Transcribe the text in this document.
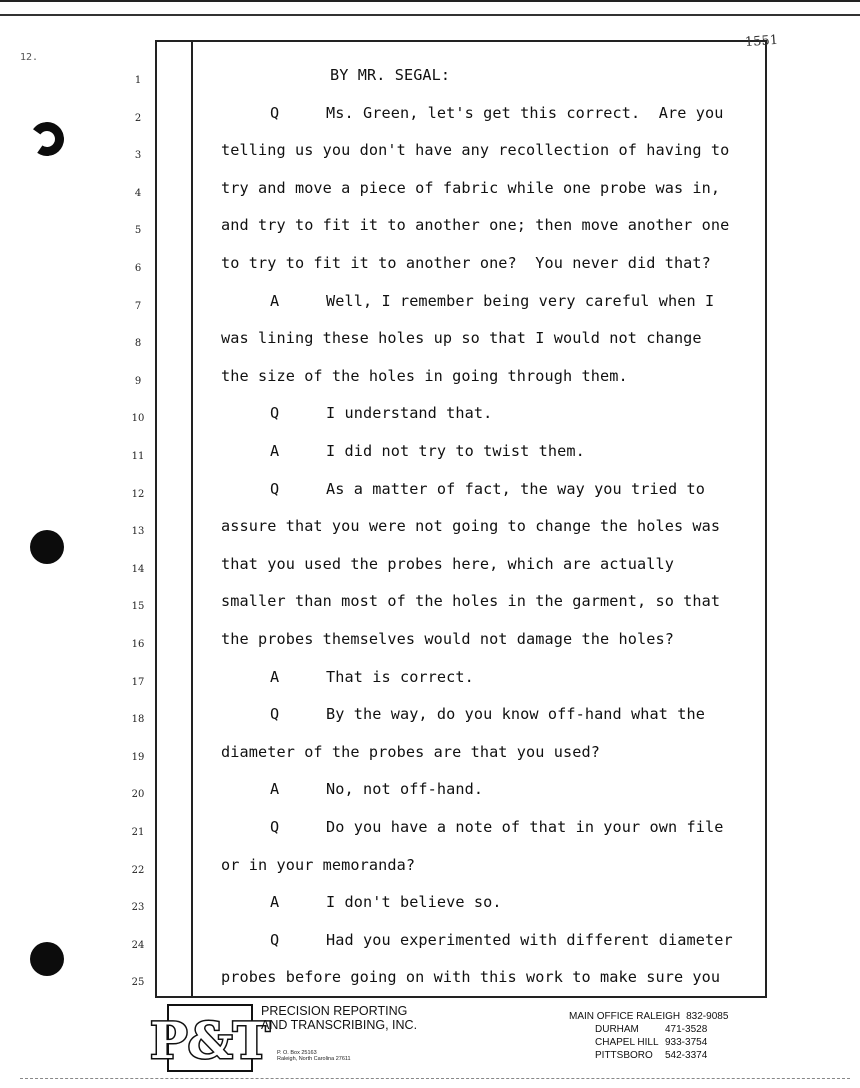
12.
1551
1
2
3
4
5
6
7
8
9
10
11
12
13
14
15
16
17
18
19
20
21
22
23
24
25
BY MR. SEGAL:
Q	Ms. Green, let's get this correct.  Are you
telling us you don't have any recollection of having to
try and move a piece of fabric while one probe was in,
and try to fit it to another one; then move another one
to try to fit it to another one?  You never did that?
A	Well, I remember being very careful when I
was lining these holes up so that I would not change
the size of the holes in going through them.
Q	I understand that.
A	I did not try to twist them.
Q	As a matter of fact, the way you tried to
assure that you were not going to change the holes was
that you used the probes here, which are actually
smaller than most of the holes in the garment, so that
the probes themselves would not damage the holes?
A	That is correct.
Q	By the way, do you know off-hand what the
diameter of the probes are that you used?
A	No, not off-hand.
Q	Do you have a note of that in your own file
or in your memoranda?
A	I don't believe so.
Q	Had you experimented with different diameter
probes before going on with this work to make sure you
P&T
PRECISION REPORTING
AND TRANSCRIBING, INC.
P. O. Box 25163
Raleigh, North Carolina 27611
MAIN OFFICE RALEIGH 832-9085
DURHAM	471-3528
CHAPEL HILL 933-3754
PITTSBORO	542-3374
